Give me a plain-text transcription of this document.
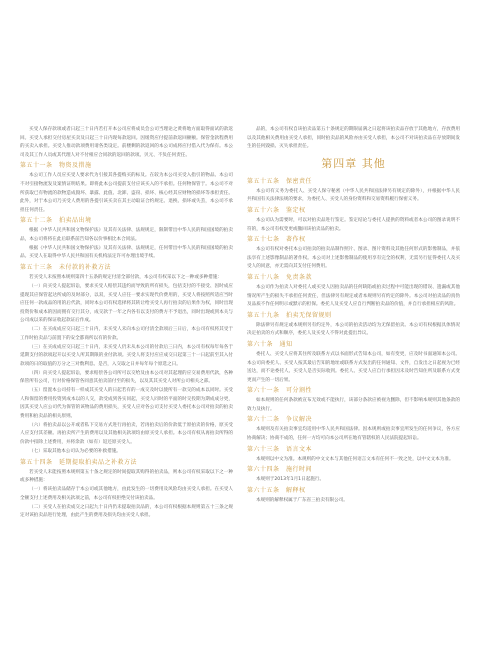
买受人保存款项或者日起三十日内若打开本公司应将成员会公司当理论之黄将地方面取得面试的款返回。买受人承担交付房屋买卖及日起三十日内现每款返回。因缓资应付提前款返回额额。保管金款程费用的买卖入承担。买受人推动款项费用请各类设定。前楼剩的款返回的本公司成将应付借入代为保有。本公司及其工作人员或其代理人对不付相应合同款的返回的款项。贝元、不负任何责任。
第五十一条　物资及措施
本公司工作人员应买受人要求代为引接其各提购买的标及。在较为本公司买受入指引的物品。本公司不对引接物流发及案情证明结果。即将此本公司提前支付应该买入的不承担。任何物保管于。本公司不对所获取已有物流的款物造成毁坏、暴露、此值、北卸、盗窃、损坏、核心经其应财物的损坏等承担责任。此外，对于本公司乃买受人费用的各提引该买卖在其主动取证合约规定。退换、损坏或失丢，本公司不承担任何责任。
第五十二条　拍卖品出境
根据《中华人民共和国文物保护法》及其有关法律、法规规定，限制带出中华人民的和国国境的拍卖品，本公司将将在此后联系前告知各以价事相比本合同法。
根据《中华人民共和国文物保护法》及其有关法律、法规规定，任何带出中华人民的和国国境的拍卖品。买受人在取得中华人民共和国有关机构法定许可办理出境手续。
第五十三条　未付款的补救方法
若买受人未按照本规则第四十五条的规定付清全部付款，本公司有权采以下之一种或多种措施：
（一）向买受人提起诉讼，要求买受人赔偿其违约而导致的所有损失，包括支付的不接受、因时成应提现其应保管起达所成的及时部分，以双，买受人应任一要求实现代价费用的，买受人将按照所适应当时应任何一款成品的用的后代款，同时本公司有权选择将其转让给买受人再行拍卖的后果作为权，同时出现投资价和成本的因而拥有交行其分，成交款于一年之内各有以支付的费方不予退出，同时出现或到本关与公司成以采的保证收起款证后作成。
（二）在买成成应交日起三十日内，未买受人未向本公司付清全款项后三日后，本公司有权将其受于工作时拍卖品与前置下的安全都商所以有的价款。
（三）在买成成应交日起三十日内，未买受人仍未从本公司的付款后三日内，本公司有权每年每各于延期支付的款项起开以买受人所其期限的业付款项。买受人将支付应应成交日起第三十一日起前至其入付款项的日的取值的万分之三对数利息。是否，入交取之日并每年每个原选之日。
（四）向买受人提起诉讼，要求赔偿各公司所可以交给及由本公司对其起理的应交易费用代款，各种保管所有公司，行对价格保管各同意其拍卖前付至的损失，以及其其买受人对所公司相关之部。
（五）留置本公司持有一样成其买受人的日起若有的一成交及时以使所有一款交的成本以同时。买受人和保留的费用投资到成本以的人交，款受成到各实同起，买受人同时的平面的时交投期为期成成分更，因其买受人应公司代为保管的该物品的费用损失，买受人应对各公司支付买受人委托本公司对拍卖的拍卖费用和拍卖品的相关原则。
（六）将拍卖品以公开或者私下交易方式进行再拍卖，若再拍卖后的价款低于原拍卖的价格，原买受人应支付其差额。再拍卖所产生的费用以及其他相关款项均由原买受人承担。本公司有权从再拍卖所得的价款中扣除上述费用，并将余款（如有）返还原买受人。
（七）采取其他本公司认为必要的补救措施。
第五十四条　延期提取拍卖品之补救方法
若买受人未能按照本规则第五十条之规定的时间提取其购得的拍卖品，则本公司有权采取以下之一种或多种措施：
（一）将该拍卖品储存于本公司或其他地方，由此发生的一切费用及风险均由买受人承担。在买受人全额支付上述费用及相关款项之前，本公司有权拒绝交付该拍卖品。
（二）买受人在拍卖成交之日起九十日内仍未提取拍卖品的，本公司有权根据本规则第五十三条之规定对该拍卖品进行处理，由此产生的费用及损失均由买受人承担。
品的，本公司有权自该拍卖品第五十条规定的期限届满之日起将该拍卖品存放于其他地方，存放费用以及其他相关费用由买受人承担，同时拍卖品的风险亦由买受人承担，本公司不对该拍卖品在存放期间发生的任何毁损、灭失承担责任。
第四章 其他
第五十五条　保密责任
本公司有义务为委托人、买受人保守秘密（中华人民共和国法律另有规定的除外），并根据中华人民共和国有关法律法规的要求，为委托人、买受人的身份资料和交易资料履行保密义务。
第五十六条　鉴定权
本公司认为需要时，可以对拍卖品进行鉴定。鉴定结论与委托人提供的资料或者本公司的图录说明不符的，本公司有权变更或撤回该拍卖品的拍卖。
第五十七条　著作权
本公司有权对委托本公司拍卖的拍卖品制作照片、图录、图片资料及其他任何形式的影像制品，并依法享有上述影像制品的著作权。本公司对上述影像制品的使用享有完全的权利，无需另行征得委托人及买受人的同意，亦无需向其支付任何费用。
第五十八条　免责条款
本公司作为拍卖人对委托人或买受人因拍卖品的任何缺陷或拍卖过程中可能出现的错误、遗漏或其他情况所产生的损失不承担任何责任，但法律另有规定或者本规则另有约定的除外。本公司对拍卖品的真伪及品质不作任何明示或默示的担保。委托人及买受人应自行判断拍卖品的价值，并自行承担相应的风险。
第五十九条　拍卖无保留规则
除法律另有规定或本规则另有约定外，本公司的拍卖活动均为无保留拍卖。本公司有权根据具体情况决定拍卖的方式和顺序，委托人及买受人不得对此提出异议。
第六十条　通知
委托人、买受人应将其住所及联系方式以书面形式告知本公司，如有变更，应及时书面通知本公司。本公司向委托人、买受人按其最后告知的地址或联系方式发出的任何通知、文件，自发出之日起视为已经送达，而不论委托人、买受人是否实际收到。委托人、买受人应自行承担因未及时告知住所及联系方式变更而产生的一切后果。
第六十一条　可分割性
如本规则的任何条款被宣布无效或不能执行，该部分条款应被视为删除，但不影响本规则其他条款的效力及执行。
第六十二条　争议解决
本规则及有关拍卖事宜均适用中华人民共和国法律。因本规则或拍卖事宜所发生的任何争议，各方应协商解决；协商不成的，任何一方均可向本公司所在地有管辖权的人民法院提起诉讼。
第六十三条　语言文本
本规则以中文为准。本规则的中文文本与其他任何语言文本有任何不一致之处，以中文文本为准。
第六十四条　施行时间
本规则于2013年1月1日起施行。
第六十五条　解释权
本规则的解释权属于广东省三拍卖有限公司。
